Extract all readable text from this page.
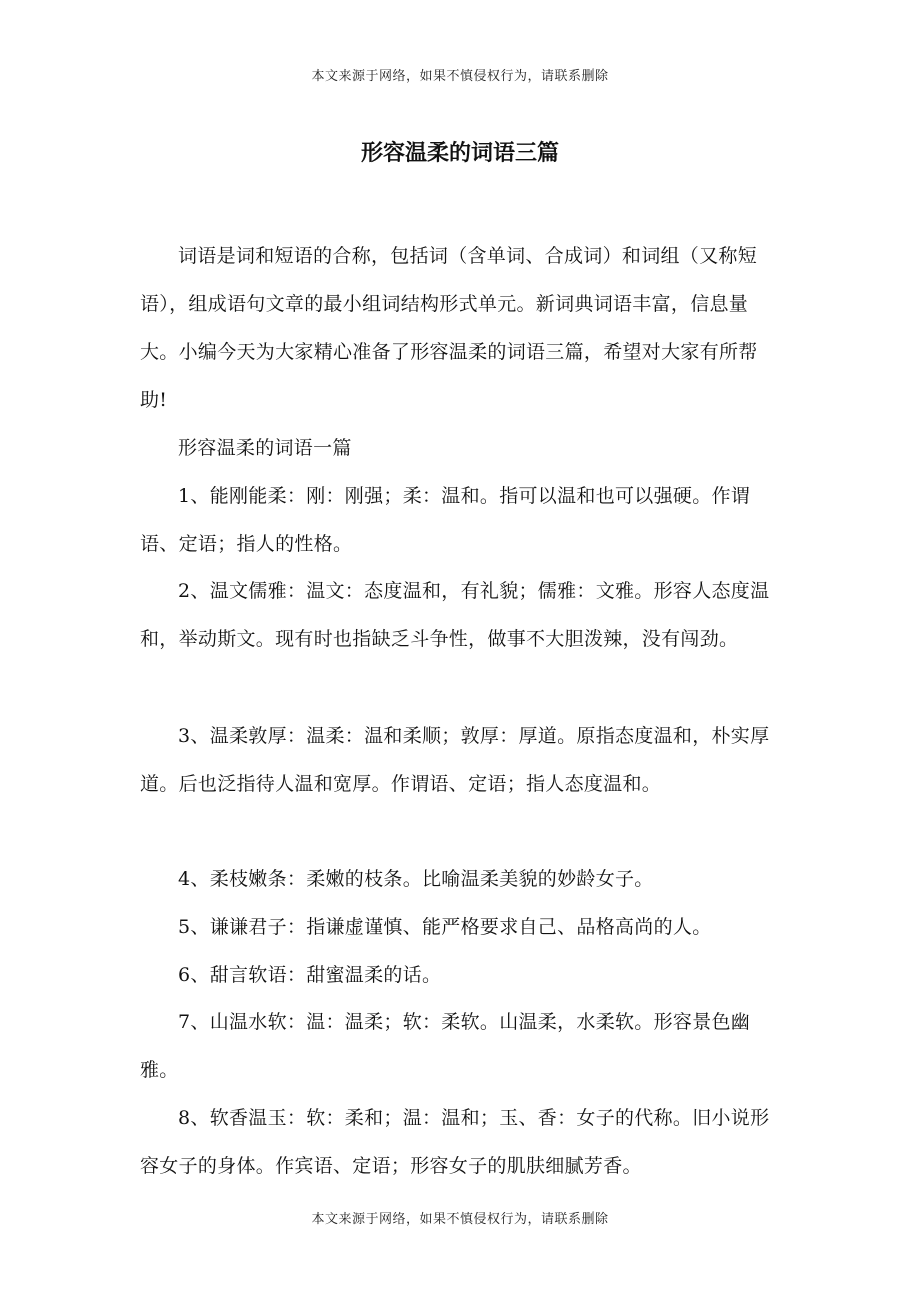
本文来源于网络，如果不慎侵权行为，请联系删除
形容温柔的词语三篇

词语是词和短语的合称，包括词（含单词、合成词）和词组（又称短语），组成语句文章的最小组词结构形式单元。新词典词语丰富，信息量大。小编今天为大家精心准备了形容温柔的词语三篇，希望对大家有所帮助!

形容温柔的词语一篇

1、能刚能柔：刚：刚强；柔：温和。指可以温和也可以强硬。作谓语、定语；指人的性格。

2、温文儒雅：温文：态度温和，有礼貌；儒雅：文雅。形容人态度温和，举动斯文。现有时也指缺乏斗争性，做事不大胆泼辣，没有闯劲。

3、温柔敦厚：温柔：温和柔顺；敦厚：厚道。原指态度温和，朴实厚道。后也泛指待人温和宽厚。作谓语、定语；指人态度温和。

4、柔枝嫩条：柔嫩的枝条。比喻温柔美貌的妙龄女子。

5、谦谦君子：指谦虚谨慎、能严格要求自己、品格高尚的人。

6、甜言软语：甜蜜温柔的话。

7、山温水软：温：温柔；软：柔软。山温柔，水柔软。形容景色幽雅。

8、软香温玉：软：柔和；温：温和；玉、香：女子的代称。旧小说形容女子的身体。作宾语、定语；形容女子的肌肤细腻芳香。

本文来源于网络，如果不慎侵权行为，请联系删除
